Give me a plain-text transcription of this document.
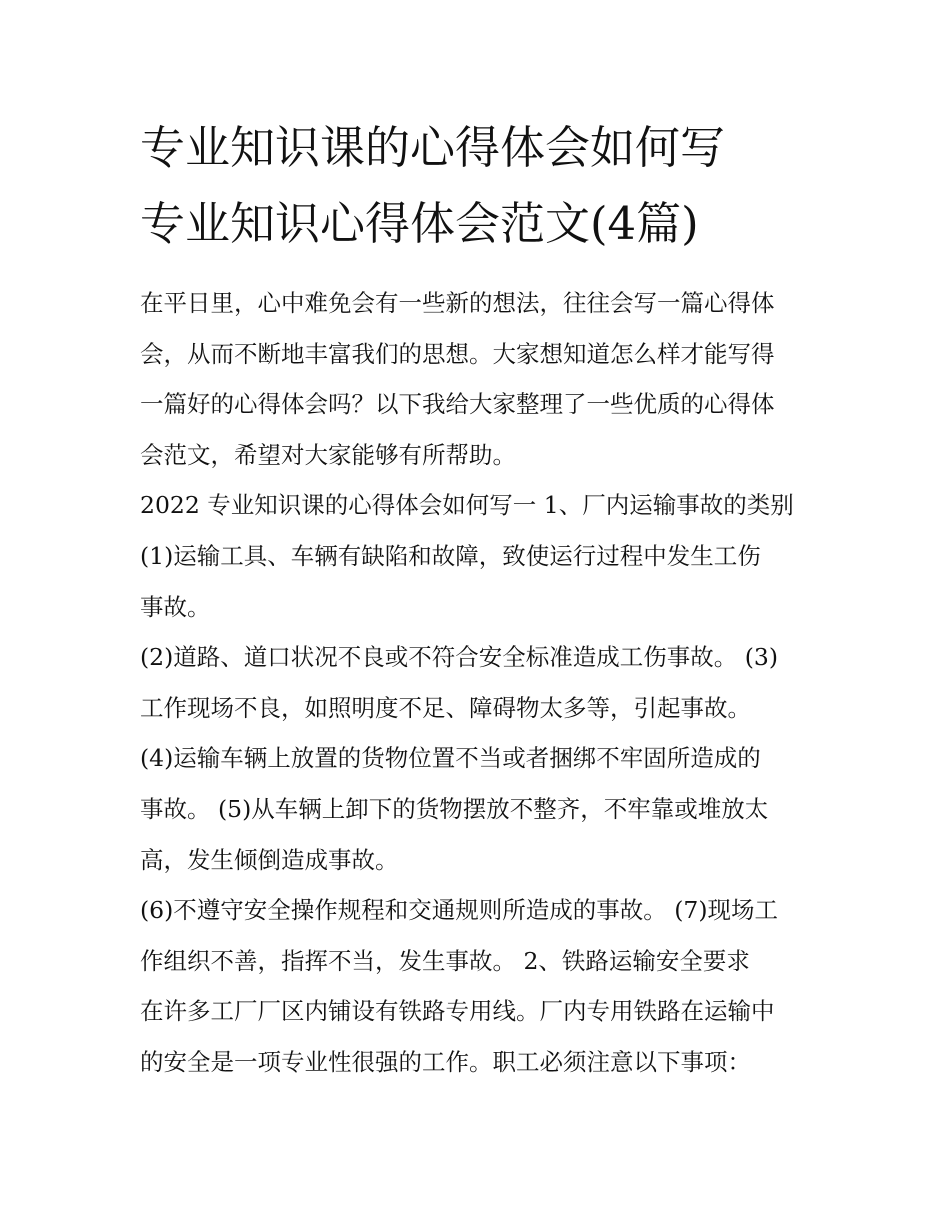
专业知识课的心得体会如何写
专业知识心得体会范文(4篇)
在平日里，心中难免会有一些新的想法，往往会写一篇心得体
会，从而不断地丰富我们的思想。大家想知道怎么样才能写得
一篇好的心得体会吗？以下我给大家整理了一些优质的心得体
会范文，希望对大家能够有所帮助。
2022 专业知识课的心得体会如何写一 1、厂内运输事故的类别
(1)运输工具、车辆有缺陷和故障，致使运行过程中发生工伤
事故。
(2)道路、道口状况不良或不符合安全标准造成工伤事故。 (3)
工作现场不良，如照明度不足、障碍物太多等，引起事故。
(4)运输车辆上放置的货物位置不当或者捆绑不牢固所造成的
事故。 (5)从车辆上卸下的货物摆放不整齐，不牢靠或堆放太
高，发生倾倒造成事故。
(6)不遵守安全操作规程和交通规则所造成的事故。 (7)现场工
作组织不善，指挥不当，发生事故。 2、铁路运输安全要求
在许多工厂厂区内铺设有铁路专用线。厂内专用铁路在运输中
的安全是一项专业性很强的工作。职工必须注意以下事项：
